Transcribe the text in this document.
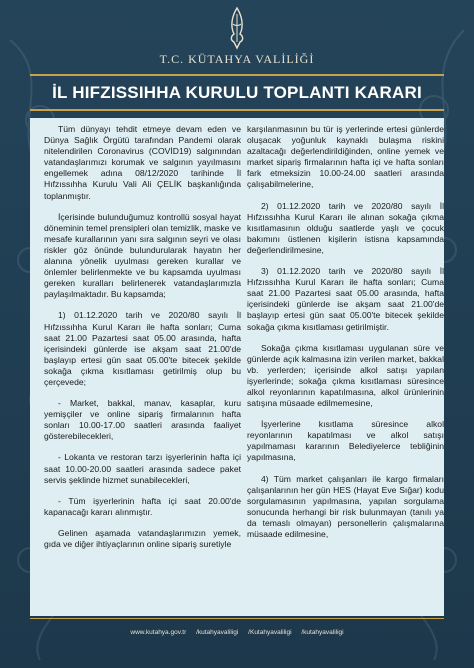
T.C. KÜTAHYA VALİLİĞİ
İL HIFZISSIHHA KURULU TOPLANTI KARARI

Tüm dünyayı tehdit etmeye devam eden ve Dünya Sağlık Örgütü tarafından Pandemi olarak nitelendirilen Coronavirus (COVİD19) salgınından vatandaşlarımızı korumak ve salgının yayılmasını engellemek adına 08/12/2020 tarihinde İl Hıfzıssıhha Kurulu Vali Ali ÇELİK başkanlığında toplanmıştır.

İçerisinde bulunduğumuz kontrollü sosyal hayat döneminin temel prensipleri olan temizlik, maske ve mesafe kurallarının yanı sıra salgının seyri ve olası riskler göz önünde bulundurularak hayatın her alanına yönelik uyulması gereken kurallar ve önlemler belirlenmekte ve bu kapsamda uyulması gereken kuralları belirlenerek vatandaşlarımızla paylaşılmaktadır. Bu kapsamda;

1) 01.12.2020 tarih ve 2020/80 sayılı İl Hıfzıssıhha Kurul Kararı ile hafta sonları; Cuma saat 21.00 Pazartesi saat 05.00 arasında, hafta içerisindeki günlerde ise akşam saat 21.00'de başlayıp ertesi gün saat 05.00'te bitecek şekilde sokağa çıkma kısıtlaması getirilmiş olup bu çerçevede;

- Market, bakkal, manav, kasaplar, kuru yemişçiler ve online sipariş firmalarının hafta sonları 10.00-17.00 saatleri arasında faaliyet gösterebilecekleri,

- Lokanta ve restoran tarzı işyerlerinin hafta içi saat 10.00-20.00 saatleri arasında sadece paket servis şeklinde hizmet sunabilecekleri,

- Tüm işyerlerinin hafta içi saat 20.00'de kapanacağı kararı alınmıştır.

Gelinen aşamada vatandaşlarımızın yemek, gıda ve diğer ihtiyaçlarının online sipariş suretiyle

karşılanmasının bu tür iş yerlerinde ertesi günlerde oluşacak yoğunluk kaynaklı bulaşma riskini azaltacağı değerlendirildiğinden, online yemek ve market sipariş firmalarının hafta içi ve hafta sonları fark etmeksizin 10.00-24.00 saatleri arasında çalışabilmelerine,

2) 01.12.2020 tarih ve 2020/80 sayılı İl Hıfzıssıhha Kurul Kararı ile alınan sokağa çıkma kısıtlamasının olduğu saatlerde yaşlı ve çocuk bakımını üstlenen kişilerin istisna kapsamında değerlendirilmesine,

3) 01.12.2020 tarih ve 2020/80 sayılı İl Hıfzıssıhha Kurul Kararı ile hafta sonları; Cuma saat 21.00 Pazartesi saat 05.00 arasında, hafta içerisindeki günlerde ise akşam saat 21.00'de başlayıp ertesi gün saat 05.00'te bitecek şekilde sokağa çıkma kısıtlaması getirilmiştir.

Sokağa çıkma kısıtlaması uygulanan süre ve günlerde açık kalmasına izin verilen market, bakkal vb. yerlerden; içerisinde alkol satışı yapılan işyerlerinde; sokağa çıkma kısıtlaması süresince alkol reyonlarının kapatılmasına, alkol ürünlerinin satışına müsaade edilmemesine,

İşyerlerine kısıtlama süresince alkol reyonlarının kapatılması ve alkol satışı yapılmaması kararının Belediyelerce tebliğinin yapılmasına,

4) Tüm market çalışanları ile kargo firmaları çalışanlarının her gün HES (Hayat Eve Sığar) kodu sorgulamasının yapılmasına, yapılan sorgulama sonucunda herhangi bir risk bulunmayan (tanılı ya da temaslı olmayan) personellerin çalışmalarına müsaade edilmesine,

www.kutahya.gov.tr /kutahyavaliligi /Kutahyavaliligi /kutahyavaliligi
